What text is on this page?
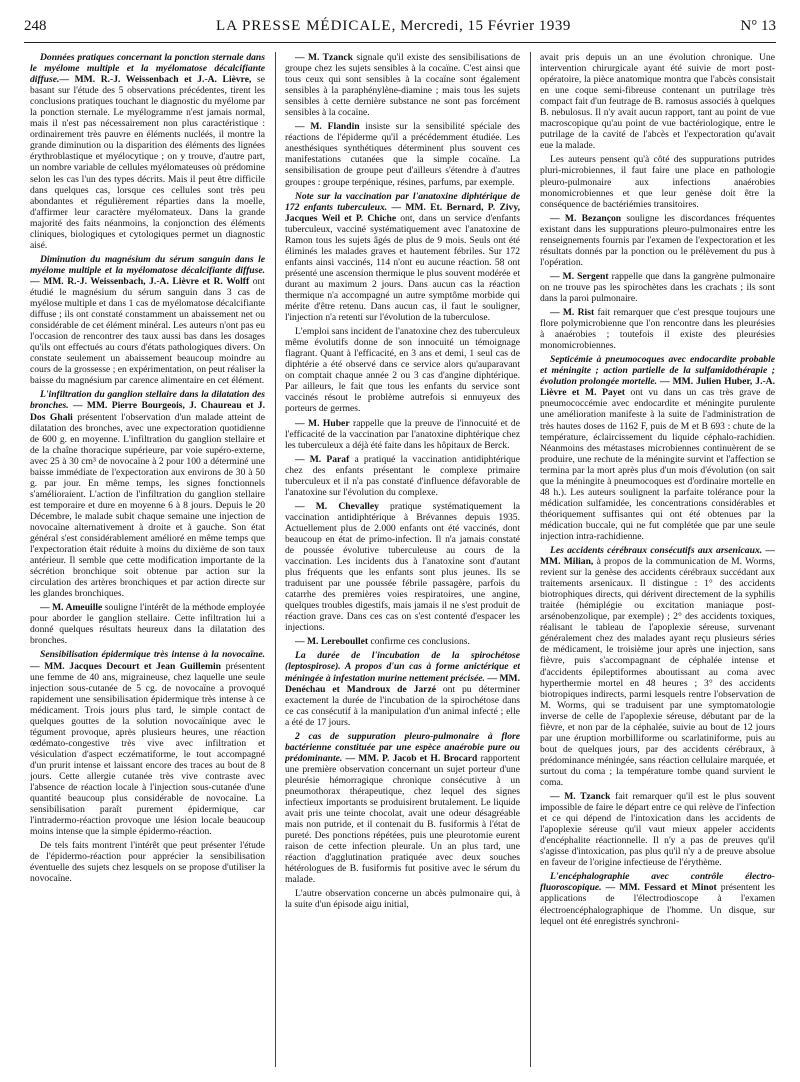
248	LA PRESSE MÉDICALE, Mercredi, 15 Février 1939	N° 13

Données pratiques concernant la ponction sternale dans le myélome multiple et la myélomatose décalcifiante diffuse.— MM. R.-J. Weissenbach et J.-A. Lièvre, se basant sur l'étude des 5 observations précédentes, tirent les conclusions pratiques touchant le diagnostic du myélome par la ponction sternale. Le myélogramme n'est jamais normal, mais il n'est pas nécessairement non plus caractéristique : ordinairement très pauvre en éléments nucléés, il montre la grande diminution ou la disparition des éléments des lignées érythroblastique et myélocytique ; on y trouve, d'autre part, un nombre variable de cellules myélomateuses où prédomine selon les cas l'un des types décrits. Mais il peut être difficile dans quelques cas, lorsque ces cellules sont très peu abondantes et régulièrement réparties dans la moelle, d'affirmer leur caractère myélomateux. Dans la grande majorité des faits néanmoins, la conjonction des éléments cliniques, biologiques et cytologiques permet un diagnostic aisé.

Diminution du magnésium du sérum sanguin dans le myélome multiple et la myélomatose décalcifiante diffuse. — MM. R.-J. Weissenbach, J.-A. Lièvre et R. Wolff ont étudié le magnésium du sérum sanguin dans 3 cas de myélose multiple et dans 1 cas de myélomatose décalcifiante diffuse ; ils ont constaté constamment un abaissement net ou considérable de cet élément minéral. Les auteurs n'ont pas eu l'occasion de rencontrer des taux aussi bas dans les dosages qu'ils ont effectués au cours d'états pathologiques divers. On constate seulement un abaissement beaucoup moindre au cours de la grossesse ; en expérimentation, on peut réaliser la baisse du magnésium par carence alimentaire en cet élément.

L'infiltration du ganglion stellaire dans la dilatation des bronches. — MM. Pierre Bourgeois, J. Chaureau et J. Dos Ghali présentent l'observation d'un malade atteint de dilatation des bronches, avec une expectoration quotidienne de 600 g. en moyenne. L'infiltration du ganglion stellaire et de la chaîne thoracique supérieure, par voie supéro-externe, avec 25 à 30 cm³ de novocaïne à 2 pour 100 a déterminé une baisse immédiate de l'expectoration aux environs de 30 à 50 g. par jour. En même temps, les signes fonctionnels s'amélioraient. L'action de l'infiltration du ganglion stellaire est temporaire et dure en moyenne 6 à 8 jours. Depuis le 20 Décembre, le malade subit chaque semaine une injection de novocaïne alternativement à droite et à gauche. Son état général s'est considérablement amélioré en même temps que l'expectoration était réduite à moins du dixième de son taux antérieur. Il semble que cette modification importante de la sécrétion bronchique soit obtenue par action sur la circulation des artères bronchiques et par action directe sur les glandes bronchiques.

— M. Ameuille souligne l'intérêt de la méthode employée pour aborder le ganglion stellaire. Cette infiltration lui a donné quelques résultats heureux dans la dilatation des bronches.

Sensibilisation épidermique très intense à la novocaïne. — MM. Jacques Decourt et Jean Guillemin présentent une femme de 40 ans, migraineuse, chez laquelle une seule injection sous-cutanée de 5 cg. de novocaïne a provoqué rapidement une sensibilisation épidermique très intense à ce médicament. Trois jours plus tard, le simple contact de quelques gouttes de la solution novocaïnique avec le tégument provoque, après plusieurs heures, une réaction œdémato-congestive très vive avec infiltration et vésiculation d'aspect eczématiforme, le tout accompagné d'un prurit intense et laissant encore des traces au bout de 8 jours. Cette allergie cutanée très vive contraste avec l'absence de réaction locale à l'injection sous-cutanée d'une quantité beaucoup plus considérable de novocaïne. La sensibilisation paraît purement épidermique, car l'intradermo-réaction provoque une lésion locale beaucoup moins intense que la simple épidermo-réaction.

De tels faits montrent l'intérêt que peut présenter l'étude de l'épidermo-réaction pour apprécier la sensibilisation éventuelle des sujets chez lesquels on se propose d'utiliser la novocaïne.

— M. Tzanck signale qu'il existe des sensibilisations de groupe chez les sujets sensibles à la cocaïne. C'est ainsi que tous ceux qui sont sensibles à la cocaïne sont également sensibles à la paraphénylène-diamine ; mais tous les sujets sensibles à cette dernière substance ne sont pas forcément sensibles à la cocaïne.

— M. Flandin insiste sur la sensibilité spéciale des réactions de l'épiderme qu'il a précédemment étudiée. Les anesthésiques synthétiques déterminent plus souvent ces manifestations cutanées que la simple cocaïne. La sensibilisation de groupe peut d'ailleurs s'étendre à d'autres groupes : groupe terpénique, résines, parfums, par exemple.

Note sur la vaccination par l'anatoxine diphtérique de 172 enfants tuberculeux. — MM. Et. Bernard, P. Zivy, Jacques Weil et P. Chiche ont, dans un service d'enfants tuberculeux, vacciné systématiquement avec l'anatoxine de Ramon tous les sujets âgés de plus de 9 mois. Seuls ont été éliminés les malades graves et hautement fébriles. Sur 172 enfants ainsi vaccinés, 114 n'ont eu aucune réaction. 58 ont présenté une ascension thermique le plus souvent modérée et durant au maximum 2 jours. Dans aucun cas la réaction thermique n'a accompagné un autre symptôme morbide qui mérite d'être retenu. Dans aucun cas, il faut le souligner, l'injection n'a retenti sur l'évolution de la tuberculose.

L'emploi sans incident de l'anatoxine chez des tuberculeux même évolutifs donne de son innocuité un témoignage flagrant. Quant à l'efficacité, en 3 ans et demi, 1 seul cas de diphtérie a été observé dans ce service alors qu'auparavant on comptait chaque année 2 ou 3 cas d'angine diphtérique. Par ailleurs, le fait que tous les enfants du service sont vaccinés résout le problème autrefois si ennuyeux des porteurs de germes.

— M. Huber rappelle que la preuve de l'innocuité et de l'efficacité de la vaccination par l'anatoxine diphtérique chez les tuberculeux a déjà été faite dans les hôpitaux de Berck.

— M. Paraf a pratiqué la vaccination antidiphtérique chez des enfants présentant le complexe primaire tuberculeux et il n'a pas constaté d'influence défavorable de l'anatoxine sur l'évolution du complexe.

— M. Chevalley pratique systématiquement la vaccination antidiphtérique à Brévannes depuis 1935. Actuellement plus de 2.000 enfants ont été vaccinés, dont beaucoup en état de primo-infection. Il n'a jamais constaté de poussée évolutive tuberculeuse au cours de la vaccination. Les incidents dus à l'anatoxine sont d'autant plus fréquents que les enfants sont plus jeunes. Ils se traduisent par une poussée fébrile passagère, parfois du catarrhe des premières voies respiratoires, une angine, quelques troubles digestifs, mais jamais il ne s'est produit de réaction grave. Dans ces cas on s'est contenté d'espacer les injections.

— M. Lereboullet confirme ces conclusions.

La durée de l'incubation de la spirochétose (leptospirose). A propos d'un cas à forme anictérique et méningée à infestation murine nettement précisée. — MM. Denéchau et Mandroux de Jarzé ont pu déterminer exactement la durée de l'incubation de la spirochétose dans ce cas consécutif à la manipulation d'un animal infecté ; elle a été de 17 jours.

2 cas de suppuration pleuro-pulmonaire à flore bactérienne constituée par une espèce anaérobie pure ou prédominante. — MM. P. Jacob et H. Brocard rapportent une première observation concernant un sujet porteur d'une pleurésie hémorragique chronique consécutive à un pneumothorax thérapeutique, chez lequel des signes infectieux importants se produisirent brutalement. Le liquide avait pris une teinte chocolat, avait une odeur désagréable mais non putride, et il contenait du B. fusiformis à l'état de pureté. Des ponctions répétées, puis une pleurotomie eurent raison de cette infection pleurale. Un an plus tard, une réaction d'agglutination pratiquée avec deux souches hétérologues de B. fusiformis fut positive avec le sérum du malade.

L'autre observation concerne un abcès pulmonaire qui, à la suite d'un épisode aigu initial,

avait pris depuis un an une évolution chronique. Une intervention chirurgicale ayant été suivie de mort post-opératoire, la pièce anatomique montra que l'abcès consistait en une coque semi-fibreuse contenant un putrilage très compact fait d'un feutrage de B. ramosus associés à quelques B. nebulosus. Il n'y avait aucun rapport, tant au point de vue macroscopique qu'au point de vue bactériologique, entre le putrilage de la cavité de l'abcès et l'expectoration qu'avait eue la malade.

Les auteurs pensent qu'à côté des suppurations putrides pluri-microbiennes, il faut faire une place en pathologie pleuro-pulmonaire aux infections anaérobies monomicrobiennes et que leur genèse doit être la conséquence de bactériémies transitoires.

— M. Bezançon souligne les discordances fréquentes existant dans les suppurations pleuro-pulmonaires entre les renseignements fournis par l'examen de l'expectoration et les résultats donnés par la ponction ou le prélèvement du pus à l'opération.

— M. Sergent rappelle que dans la gangrène pulmonaire on ne trouve pas les spirochètes dans les crachats ; ils sont dans la paroi pulmonaire.

— M. Rist fait remarquer que c'est presque toujours une flore polymicrobienne que l'on rencontre dans les pleurésies à anaérobies ; toutefois il existe des pleurésies monomicrobiennes.

Septicémie à pneumocoques avec endocardite probable et méningite ; action partielle de la sulfamidothérapie ; évolution prolongée mortelle. — MM. Julien Huber, J.-A. Lièvre et M. Payet ont vu dans un cas très grave de pneumococcémie avec endocardite et méningite purulente une amélioration manifeste à la suite de l'administration de très hautes doses de 1162 F, puis de M et B 693 : chute de la température, éclaircissement du liquide céphalo-rachidien. Néanmoins des métastases microbiennes continuèrent de se produire, une rechute de la méningite survint et l'affection se termina par la mort après plus d'un mois d'évolution (on sait que la méningite à pneumocoques est d'ordinaire mortelle en 48 h.). Les auteurs soulignent la parfaite tolérance pour la médication sulfamidée, les concentrations considérables et théoriquement suffisantes qui ont été obtenues par la médication buccale, qui ne fut complétée que par une seule injection intra-rachidienne.

Les accidents cérébraux consécutifs aux arsenicaux. — MM. Milian, à propos de la communication de M. Worms, revient sur la genèse des accidents cérébraux succédant aux traitements arsenicaux. Il distingue : 1° des accidents biotrophiques directs, qui dérivent directement de la syphilis traitée (hémiplégie ou excitation maniaque post-arsénobenzolique, par exemple) ; 2° des accidents toxiques, réalisant le tableau de l'apoplexie séreuse, survenant généralement chez des malades ayant reçu plusieurs séries de médicament, le troisième jour après une injection, sans fièvre, puis s'accompagnant de céphalée intense et d'accidents épileptiformes aboutissant au coma avec hyperthermie mortel en 48 heures ; 3° des accidents biotropiques indirects, parmi lesquels rentre l'observation de M. Worms, qui se traduisent par une symptomatologie inverse de celle de l'apoplexie séreuse, débutant par de la fièvre, et non par de la céphalée, suivie au bout de 12 jours par une éruption morbilliforme ou scarlatiniforme, puis au bout de quelques jours, par des accidents cérébraux, à prédominance méningée, sans réaction cellulaire marquée, et surtout du coma ; la température tombe quand survient le coma.

— M. Tzanck fait remarquer qu'il est le plus souvent impossible de faire le départ entre ce qui relève de l'infection et ce qui dépend de l'intoxication dans les accidents de l'apoplexie séreuse qu'il vaut mieux appeler accidents d'encéphalite réactionnelle. Il n'y a pas de preuves qu'il s'agisse d'intoxication, pas plus qu'il n'y a de preuve absolue en faveur de l'origine infectieuse de l'érythème.

L'encéphalographie avec contrôle électro-fluoroscopique. — MM. Fessard et Minot présentent les applications de l'électrodioscope à l'examen électroencéphalographique de l'homme. Un disque, sur lequel ont été enregistrés synchroni-
